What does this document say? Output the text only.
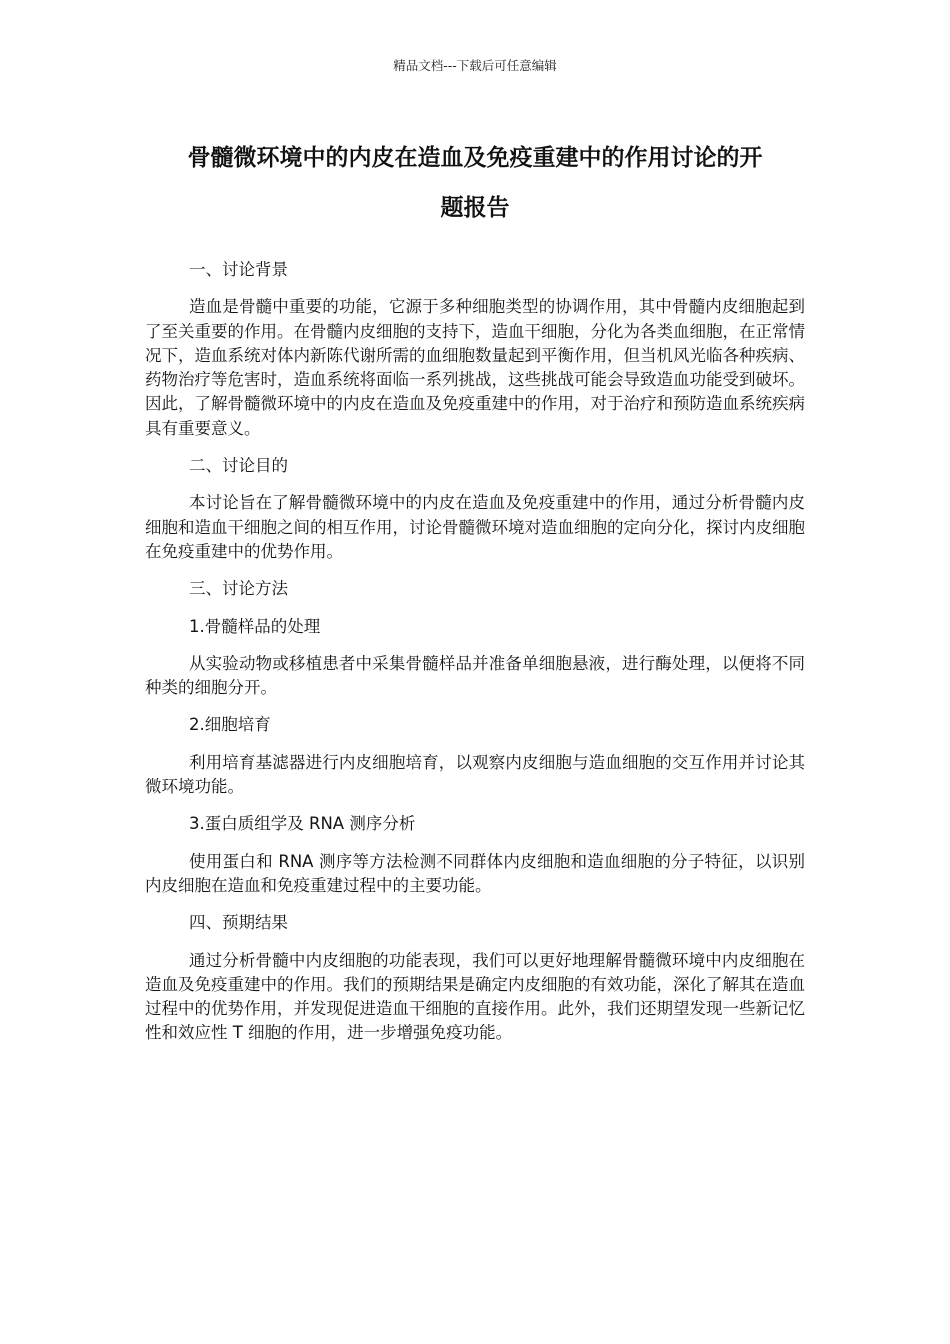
精品文档---下载后可任意编辑
骨髓微环境中的内皮在造血及免疫重建中的作用讨论的开
题报告

一、讨论背景

造血是骨髓中重要的功能，它源于多种细胞类型的协调作用，其中骨髓内皮细胞起到了至关重要的作用。在骨髓内皮细胞的支持下，造血干细胞，分化为各类血细胞，在正常情况下，造血系统对体内新陈代谢所需的血细胞数量起到平衡作用，但当机风光临各种疾病、药物治疗等危害时，造血系统将面临一系列挑战，这些挑战可能会导致造血功能受到破坏。因此，了解骨髓微环境中的内皮在造血及免疫重建中的作用，对于治疗和预防造血系统疾病具有重要意义。

二、讨论目的

本讨论旨在了解骨髓微环境中的内皮在造血及免疫重建中的作用，通过分析骨髓内皮细胞和造血干细胞之间的相互作用，讨论骨髓微环境对造血细胞的定向分化，探讨内皮细胞在免疫重建中的优势作用。

三、讨论方法

1.骨髓样品的处理

从实验动物或移植患者中采集骨髓样品并准备单细胞悬液，进行酶处理，以便将不同种类的细胞分开。

2.细胞培育

利用培育基滤器进行内皮细胞培育，以观察内皮细胞与造血细胞的交互作用并讨论其微环境功能。

3.蛋白质组学及 RNA 测序分析

使用蛋白和 RNA 测序等方法检测不同群体内皮细胞和造血细胞的分子特征，以识别内皮细胞在造血和免疫重建过程中的主要功能。

四、预期结果

通过分析骨髓中内皮细胞的功能表现，我们可以更好地理解骨髓微环境中内皮细胞在造血及免疫重建中的作用。我们的预期结果是确定内皮细胞的有效功能，深化了解其在造血过程中的优势作用，并发现促进造血干细胞的直接作用。此外，我们还期望发现一些新记忆性和效应性 T 细胞的作用，进一步增强免疫功能。
